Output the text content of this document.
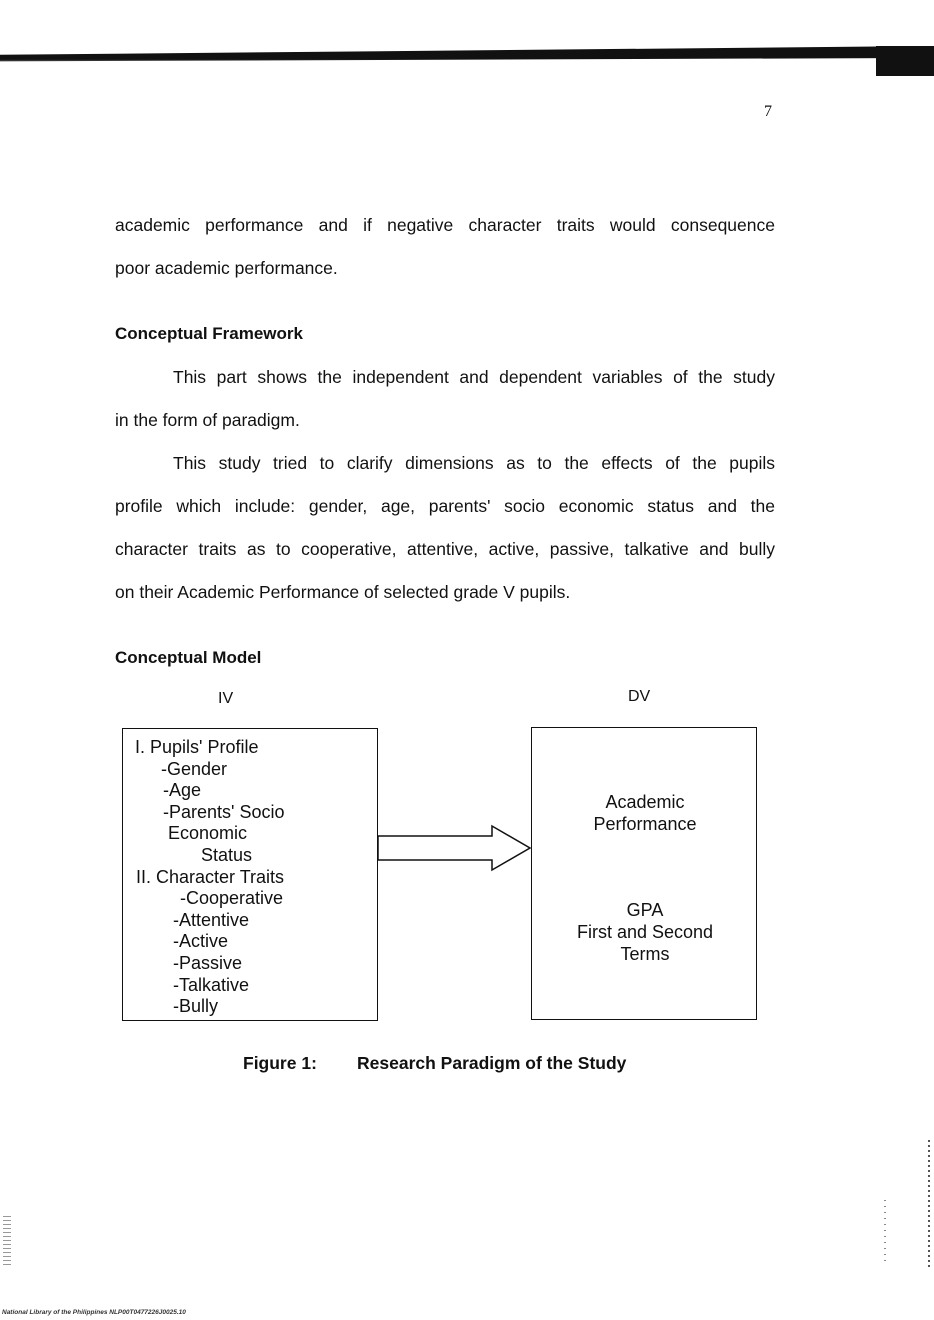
7
academic performance and if negative character traits would consequence
poor academic performance.
Conceptual Framework
This part shows the independent and dependent variables of the study
in the form of paradigm.
This study tried to clarify dimensions as to the effects of the pupils
profile which include: gender, age, parents' socio economic status and the
character traits as to cooperative, attentive, active, passive, talkative and bully
on their Academic Performance of selected grade V pupils.
Conceptual Model
IV	DV
I. Pupils' Profile
-Gender
-Age
-Parents' Socio
Economic
Status
II. Character Traits
-Cooperative
-Attentive
-Active
-Passive
-Talkative
-Bully
Academic
Performance
GPA
First and Second
Terms
Figure 1: Research Paradigm of the Study
National Library of the Philippines NLP00T0477226J0025.10
